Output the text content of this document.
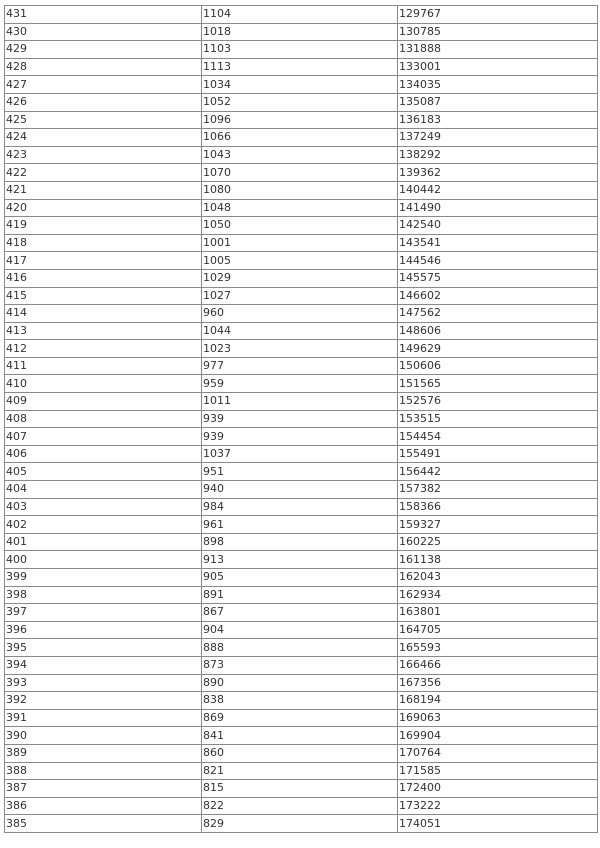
431	1104	129767
430	1018	130785
429	1103	131888
428	1113	133001
427	1034	134035
426	1052	135087
425	1096	136183
424	1066	137249
423	1043	138292
422	1070	139362
421	1080	140442
420	1048	141490
419	1050	142540
418	1001	143541
417	1005	144546
416	1029	145575
415	1027	146602
414	960	147562
413	1044	148606
412	1023	149629
411	977	150606
410	959	151565
409	1011	152576
408	939	153515
407	939	154454
406	1037	155491
405	951	156442
404	940	157382
403	984	158366
402	961	159327
401	898	160225
400	913	161138
399	905	162043
398	891	162934
397	867	163801
396	904	164705
395	888	165593
394	873	166466
393	890	167356
392	838	168194
391	869	169063
390	841	169904
389	860	170764
388	821	171585
387	815	172400
386	822	173222
385	829	174051
